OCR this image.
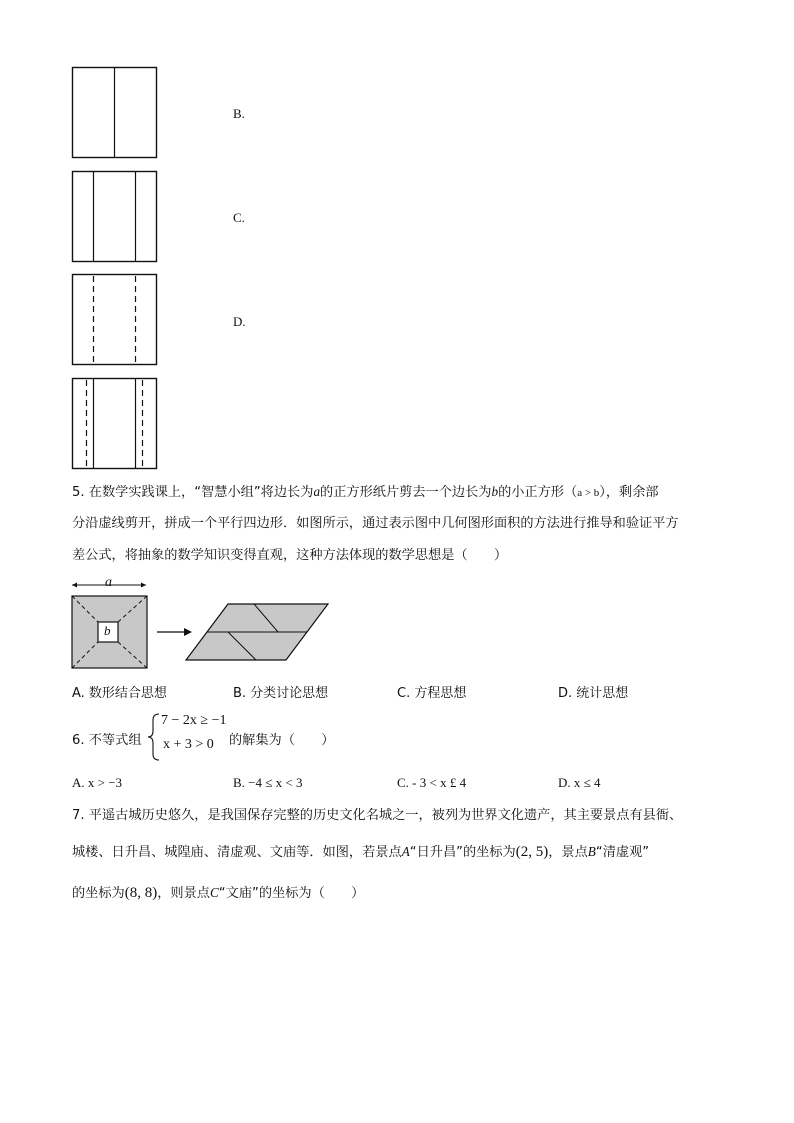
B.
C.
D.
5. 在数学实践课上，“智慧小组”将边长为a的正方形纸片剪去一个边长为b的小正方形（a > b），剩余部
分沿虚线剪开，拼成一个平行四边形．如图所示，通过表示图中几何图形面积的方法进行推导和验证平方
差公式，将抽象的数学知识变得直观，这种方法体现的数学思想是（　　）
a
b
A. 数形结合思想	B. 分类讨论思想	C. 方程思想	D. 统计思想
6. 不等式组
7 − 2x ≥ −1
x + 3 > 0 的解集为（　　）
A. x > −3	B. −4 ≤ x < 3	C. - 3 < x £ 4	D. x ≤ 4
7. 平遥古城历史悠久，是我国保存完整的历史文化名城之一，被列为世界文化遗产，其主要景点有县衙、
城楼、日升昌、城隍庙、清虚观、文庙等．如图，若景点A“日升昌”的坐标为(2, 5)，景点B“清虚观”
的坐标为(8, 8)，则景点C“文庙”的坐标为（　　）
